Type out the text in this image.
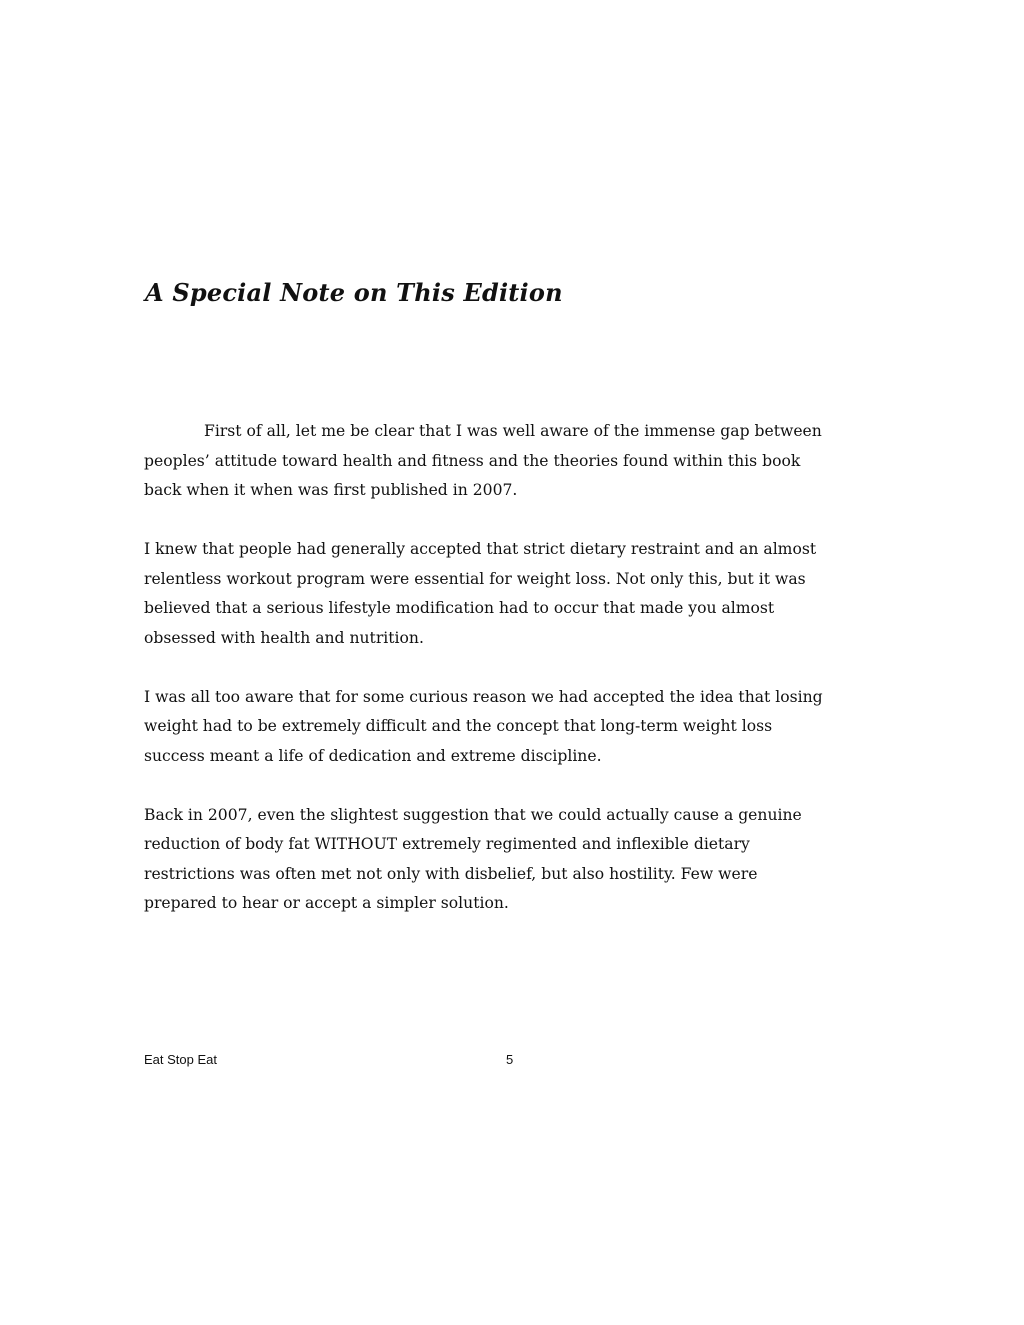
A Special Note on This Edition

First of all, let me be clear that I was well aware of the immense gap between
peoples’ attitude toward health and fitness and the theories found within this book
back when it when was first published in 2007.

I knew that people had generally accepted that strict dietary restraint and an almost
relentless workout program were essential for weight loss. Not only this, but it was
believed that a serious lifestyle modification had to occur that made you almost
obsessed with health and nutrition.

I was all too aware that for some curious reason we had accepted the idea that losing
weight had to be extremely difficult and the concept that long-term weight loss
success meant a life of dedication and extreme discipline.

Back in 2007, even the slightest suggestion that we could actually cause a genuine
reduction of body fat WITHOUT extremely regimented and inflexible dietary
restrictions was often met not only with disbelief, but also hostility. Few were
prepared to hear or accept a simpler solution.

Eat Stop Eat	5
